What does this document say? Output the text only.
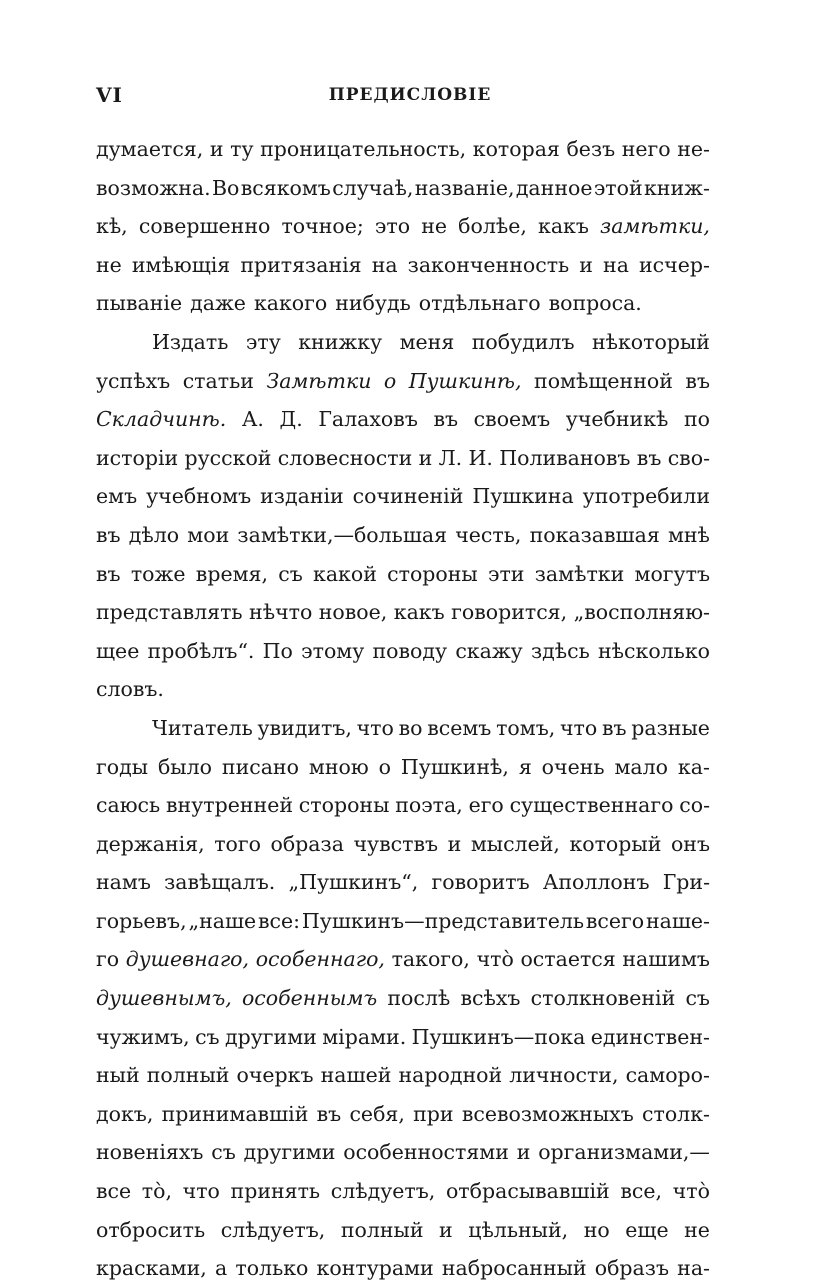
VI	ПРЕДИСЛОВІЕ
думается, и ту проницательность, которая безъ него не-
возможна. Во всякомъ случаѣ, названіе, данное этой книж-
кѣ, совершенно точное; это не болѣе, какъ замѣтки,
не имѣющія притязанія на законченность и на исчер-
пываніе даже какого нибудь отдѣльнаго вопроса.
Издать эту книжку меня побудилъ нѣкоторый
успѣхъ статьи Замѣтки о Пушкинѣ, помѣщенной въ
Складчинѣ. А. Д. Галаховъ въ своемъ учебникѣ по
исторіи русской словесности и Л. И. Поливановъ въ сво-
емъ учебномъ изданіи сочиненій Пушкина употребили
въ дѣло мои замѣтки,—большая честь, показавшая мнѣ
въ тоже время, съ какой стороны эти замѣтки могутъ
представлять нѣчто новое, какъ говорится, „восполняю-
щее пробѣлъ“. По этому поводу скажу здѣсь нѣсколько
словъ.
Читатель увидитъ, что во всемъ томъ, что въ разные
годы было писано мною о Пушкинѣ, я очень мало ка-
саюсь внутренней стороны поэта, его существеннаго со-
держанія, того образа чувствъ и мыслей, который онъ
намъ завѣщалъ. „Пушкинъ“, говоритъ Аполлонъ Гри-
горьевъ, „наше все: Пушкинъ—представитель всего наше-
го душевнаго, особеннаго, такого, что̀ остается нашимъ
душевнымъ, особеннымъ послѣ всѣхъ столкновеній съ
чужимъ, съ другими мірами. Пушкинъ—пока единствен-
ный полный очеркъ нашей народной личности, саморо-
докъ, принимавшій въ себя, при всевозможныхъ столк-
новеніяхъ съ другими особенностями и организмами,—
все то̀, что принять слѣдуетъ, отбрасывавшій все, что̀
отбросить слѣдуетъ, полный и цѣльный, но еще не
красками, а только контурами набросанный образъ на-
